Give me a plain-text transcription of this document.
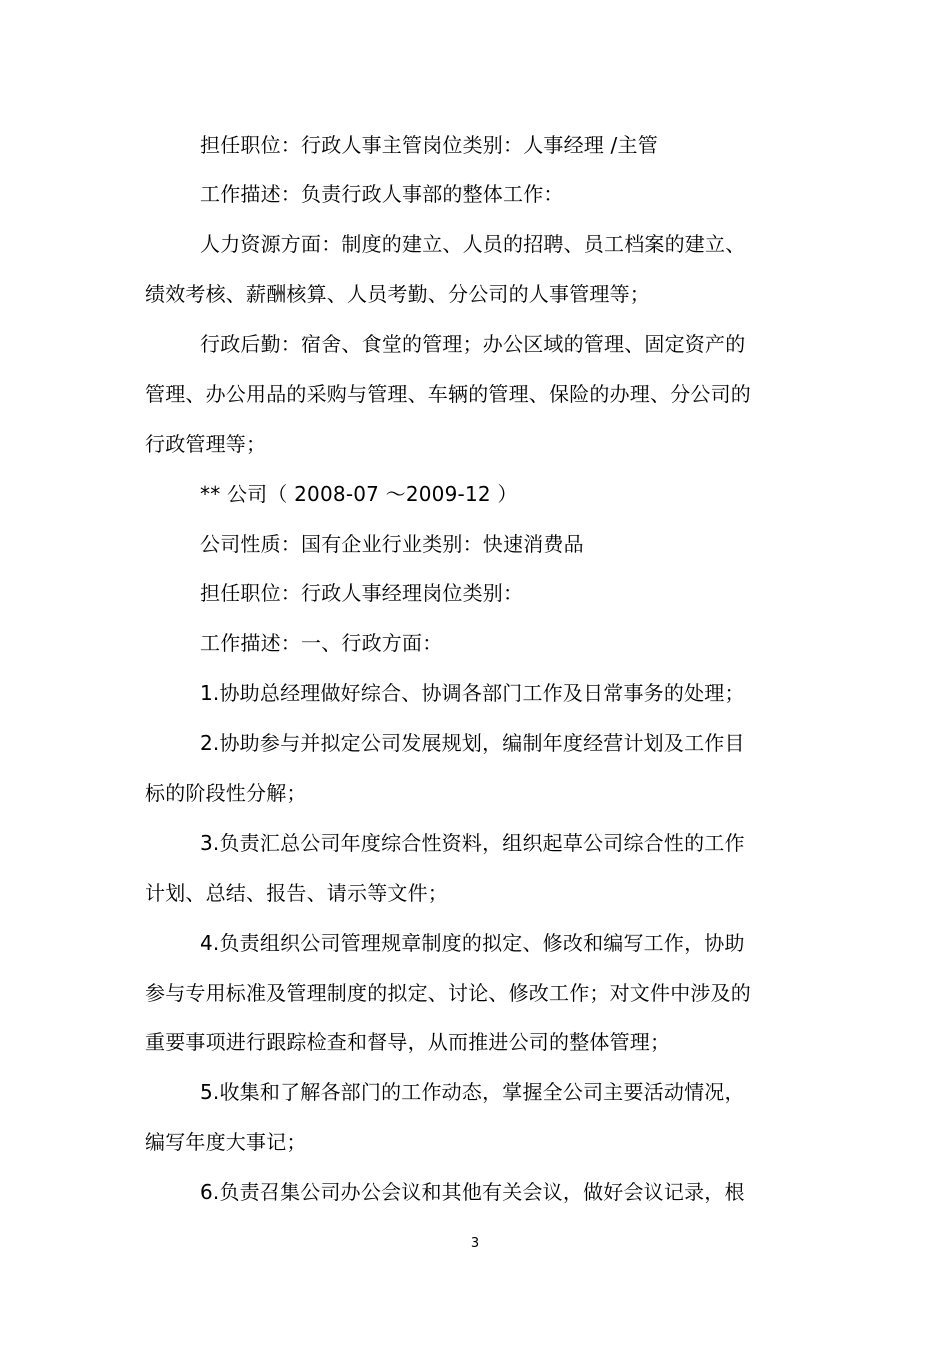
担任职位：行政人事主管岗位类别：人事经理 /主管
工作描述：负责行政人事部的整体工作：
人力资源方面：制度的建立、人员的招聘、员工档案的建立、
绩效考核、薪酬核算、人员考勤、分公司的人事管理等；
行政后勤：宿舍、食堂的管理；办公区域的管理、固定资产的
管理、办公用品的采购与管理、车辆的管理、保险的办理、分公司的
行政管理等；
** 公司（ 2008-07 ～2009-12 ）
公司性质：国有企业行业类别：快速消费品
担任职位：行政人事经理岗位类别：
工作描述：一、行政方面：
1.协助总经理做好综合、协调各部门工作及日常事务的处理；
2.协助参与并拟定公司发展规划，编制年度经营计划及工作目
标的阶段性分解；
3.负责汇总公司年度综合性资料，组织起草公司综合性的工作
计划、总结、报告、请示等文件；
4.负责组织公司管理规章制度的拟定、修改和编写工作，协助
参与专用标准及管理制度的拟定、讨论、修改工作；对文件中涉及的
重要事项进行跟踪检查和督导，从而推进公司的整体管理；
5.收集和了解各部门的工作动态，掌握全公司主要活动情况，
编写年度大事记；
6.负责召集公司办公会议和其他有关会议，做好会议记录，根
3
